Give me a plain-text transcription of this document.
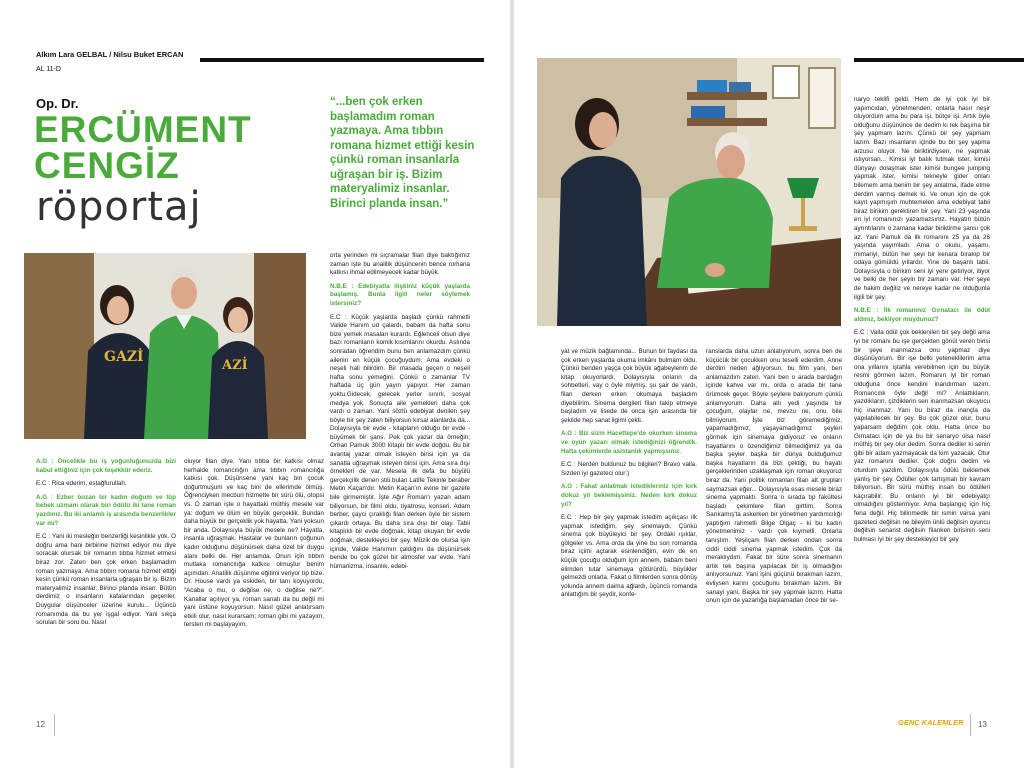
Alkım Lara GELBAL / Nilsu Buket ERCAN
AL 11-D
Op. Dr.
ERCÜMENT
CENGİZ
röportaj
“...ben çok erken başlamadım roman yazmaya. Ama tıbbın romana hizmet ettiği kesin çünkü roman insanlarla uğraşan bir iş. Bizim materyalimiz insanlar. Birinci planda insan.”
GAZİ
AZİ

A.G : Öncelikle bu iş yoğunluğunuzda bizi kabul ettiğiniz için çok teşekkür ederiz.

E.C : Rica ederim, estağfurullah.

A.G : Ezber bozan bir kadın doğum ve tüp bebek uzmanı olarak biri ödülü iki tane roman yazdınız. Bu iki anlamlı iş arasında benzerlikler var mı?

E.C : Yani iki mesleğin benzerliği kesinlikle yok. O doğru ama hani birbirine hizmet ediyor mu diye soracak olursak bir romanın tıbba hizmet etmesi biraz zor. Zaten ben çok erken başlamadım roman yazmaya. Ama tıbbın romana hizmet ettiği kesin çünkü roman insanlarla uğraşan bir iş. Bizim materyalimiz insanlar. Birinci planda insan. Bütün derdimiz o insanların kafalarından geçenler. Duygular düşünceler üzerine kurulu... Üçüncü romanımda da bu yer işgal ediyor. Yani sıkça sorulan bir soru bu. Nasıl

oluyor filan diye. Yani tıbba bir katkısı olmaz herhalde romancılığın ama tıbbın romancılığa katkısı çok. Düşünsene yani kaç bin çocuk doğurtmuşum ve kaç bini de ellerimde ölmüş. Öğrenciyken mecburi hizmette bir sürü ölü, otopsi vs. O zaman işte o hayattaki müthiş mesele var ya: doğum ve ölüm en büyük gerçeklik. Bundan daha büyük bir gerçeklik yok hayatta. Yani yoksun bir anda. Dolayısıyla büyük mesele ne? Hayatla, insanla uğraşmak. Hastalar ve bunların çoğunun kadın olduğunu düşünürsek daha özel bir duygu alanı belki de. Her anlamda. Onun için tıbbın mutlaka romancılığa katkısı olmuştur benim açımdan. Anatilik düşünme eğitimi veriyor tıp bize. Dr. House vardı ya eskiden, bir tanı koyuyordu, “Acaba o mu, o değilse ne, o değilse ne?”. Kanallar açılıyor ya, roman sanatı da bu değil mi yani üstüne koyuyorsun. Nasıl güzel anlatırsam etkili olur, nasıl kurarsam; roman gibi mi yazayım, tersten mi başlayayım,

orta yerinden mi sıçramalar filan diye baktığımız zaman işte bu analitik düşüncenin bence romana katkısı ihmal edilmeyecek kadar büyük.

N.B.E : Edebiyatla ilişkiniz küçük yaşlarda başlamış. Bunla ilgili neler söylemek istersiniz?

E.C : Küçük yaşlarda başladı çünkü rahmetli Valide Hanım ud çalardı, babam da hafta sonu bize yemek masaları kurardı. Eğlenceli olsun diye bazı romanların komik kısımlarını okurdu. Aslında sonradan öğrendim bunu ben anlamazdım çünkü ailenin en küçük çocuğuydum. Ama evdeki o neşeli hali bilirdim. Bir masada geçen o neşeli hafta sonu yemeğini. Çünkü o zamanlar TV haftada üç gün yayın yapıyor. Her zaman yoktu.Gidecek, gelecek yerler sınırlı, sosyal medya yok. Sonuçta aile yemekleri daha çok vardı o zaman. Yani sözlü edebiyat denilen şey böyle bir şey zaten biliyorsun kırsal alanlarda da... Dolayısıyla bir evde - kitapların olduğu bir evde - büyümek bir şans. Pek çok yazar da örneğin; Orhan Pamuk 3000 kitaplı bir evde doğdu. Bu bir avantaj yazar olmak isteyen birisi için ya da sanatla uğraşmak isteyen birisi için. Ama sıra dışı örnekleri de var. Mesela ilk defa bu büyülü gerçekçilik denen stili bulan Latife Tekinle beraber Metin Kaçan'dır. Metin Kaçan'ın evine bir gazete bile girmemiştir. İşte Ağır Roman'ı yazan adam biliyorsun, bir filmi oldu, tiyatrosu, konseri. Adam berber, çaycı çıraklığı filan derken öyle bir sistem çıkardı ortaya. Bu daha sıra dışı bir olay. Tabii kitaplıklı bir evde doğmak, kitap okuyan bir evde doğmak, destekleyici bir şey. Müzik de olursa işin içinde, Validе Hanımın çaldığını da düşünürsek bende bu çok güzel bir atmosfer var evde. Yani hümanizma, insanlık, edebi-

yat ve müzik bağlamında... Bunun bir faydası da çok erken yaşlarda okuma imkânı bulmam oldu. Çünkü benden yaşça çok büyük ağabeylerim de kitap okuyorlardı. Dolayısıyla onların da sohbetleri, vay o öyle miymiş, şu şair de vardı, filan derken erken okumaya başladım diyebilirim. Sinema dergileri filan takip etmeye başladım ve lisede de onca işin arasında bir şekilde hep sanat ilgimi çekti.

A.G : Biz sizin Hacettepe'de okurken sinema ve oyun yazarı olmak istediğinizi öğrendik. Hatta çekimlerde asistanlık yapmışsınız.

E.C : Nerden buldunuz bu bilgileri? Bravo valla. Sizden iyi gazeteci olur:)

A.G : Fakat anlatmak istedikleriniz için kırk dokuz yıl beklemişsiniz. Neden kırk dokuz yıl?

E.C : Hep bir şey yapmak istedim açıkçası ilk yapmak istediğim, şey sinemaydı. Çünkü sinema çok büyüleyici bir şey. Ordaki ışıklar, gölgeler vs. Ama orda da yine bu son romanda biraz içimi açtarak esinlendiğim, evin de en küçük çocuğu olduğum için annem, babam beni elimden tutar sinemaya götürürdü, büyükler gelmezdi onlarla. Fakat o filmlerden sonra dönüş yolunda annem daima ağlardı, üçüncü romanda anlattığım bir şeydir, konfe-

ranslarda daha uzun anlatıyorum, sonra ben de küçücük bir çocukken onu teselli ederdim. Anne derdim neden ağlıyorsun, bu film yani, ben anlamazdım zaten. Yani ben o arada bardağın içinde kahve var mı, orda o arada bir tane örümcek geçer. Böyle şeylere bakıyorum çünkü anlamıyorum. Daha altı yedi yaşında bir çocuğum, olaylar ne, mevzu ne, onu bile bilmiyorum. İşte biz göremediğimiz, yapamadığımız, yaşayamadığımız şeyleri görmek için sinemaya gidiyoruz ve onların hayatlarını o özendiğimiz bilmediğimiz ya da başka şeyler başka bir dünya bulduğumuz başka hayatların da bizi çektiği, bu hayatı gerçeklerinden uzaklaşmak için roman okuyoruz biraz da. Yani politik romanları filan alt grupları saymazsak eğer... Dolayısıyla esas mesele biraz sinema yapmaktı. Sonra o sırada tıp fakültesi başladı çekimlere filan girttim. Sonra Sarıkamış'ta askerken bir yönetmen yardımcılığı yaptığım rahmetli Bilge Olgaç - ki bu kadın yönetmenimiz - vardı çok kıymetli. Onlarla tanıştım. Yeşilçam filan derken ondan sonra ciddi ciddi sinema yapmak istedim. Çok da meraklıydım. Fakat bir süre sonra sinemanın artık tek başına yapılacak bir iş olmadığını anlıyorsunuz. Yani işini güçünü bırakman lazım, evliysen karını çocuğunu bırakman lazım. Bir sanayi yani. Başka bir şey yapmak lazım. Hatta onun için de yazarlığa başlamadan önce bir se-

naryo teklifi geldi. Hem de iyi çok iyi bir yapımcıdan, yönetmenden; onlarla hasır neşir oluyordum ama bu para işi, bütçe işi. Artık öyle olduğunu düşününce de dedim ki tek başıma bir şey yapmam lazım. Çünkü bir şey yapmam lazım. Bazı insanların içinde bu bir şey yapma arzusu oluyor. Ne biriktirdiysen, ne yapmak istiyorsan... Kimisi iyi balık tutmak ister, kimisi dünyayı dolaşmak ister kimisi bungee jumping yapmak ister, kimisi tekneyle gider onları bilemem ama benim bir şey anlatma, ifade etme derdim varmış demek ki. Ve onun için de çok kayıt yapmışım muhtemelen ama edebiyat tabii biraz birikim gerektiren bir şey. Yani 23 yaşında en iyi romanınızı yazamazsınız. Hayatın bütün ayrıntılarını o zamana kadar biriktirme şansı çok az. Yani Pamuk da ilk romanını 25 ya da 26 yaşında yayımladı. Ama o okulu, yaşamı, mimariyi, bütün her şeyi bir kenara bırakıp bir odaya gömüldü yıllardır. Yine de başarılı tabii. Dolayısıyla o birikim seni iyi yere getiriyor, itiyor ve belki de her şeyin bir zamanı var. Her şeye de hakim değiliz ve nereye kadar ne olduğunla ilgili bir şey.

N.B.E : İlk romanınız Gırnatacı ile ödül aldınız, bekliyor muydunuz?

E.C : Valla ödül çok beklenilen bir şey değil ama iyi bir romanı bu işe gerçekten gönül veren birisi bir şeye inanmazsa onu yapmaz diye düşünüyorum. Bir işe belki yeteneklilerim ama ona yıllarını iştahla verebilmen için bu büyük resmi görmen lazım. Romanın iyi bir roman olduğuna önce kendini inandırman lazım. Romancılık öyle değil mi? Anlattıkların, yazdıkların, çizdiklerin sen inanmazsan okuyucu hiç inanmaz. Yani bu biraz da inançla da yapılabilecek bir şey. Bu çok güzel olur, bunu yaparsam değdim çok oldu. Hatta önce bu Gırnatacı için de ya bu bir senaryo olsa nasıl müthiş bir şey olur dedim. Sonra dediler ki senin gibi bir adam yazmayacak da kim yazacak. Otur yaz romanını dediler. Çok doğru dedim ve oturdum yazdım. Dolayısıyla ödülü beklemek yanlış bir şey. Ödüller çok tartışmalı bir kavram biliyorsun. Bir sürü müthiş insan bu ödülleri kaçırabilir. Bu onların iyi bir edebiyatçı olmadığını göstermiyor. Ama başlangıç için hiç fena değil. Hiç bilinmedik bir ismin varsa yani gazeteci değilsin ne bileyim ünlü değilsin oyuncu değilsin senarist değilsin filanken birisinin seni bulması iyi bir şey destekleyici bir şey

12	13
GENÇ KALEMLER
